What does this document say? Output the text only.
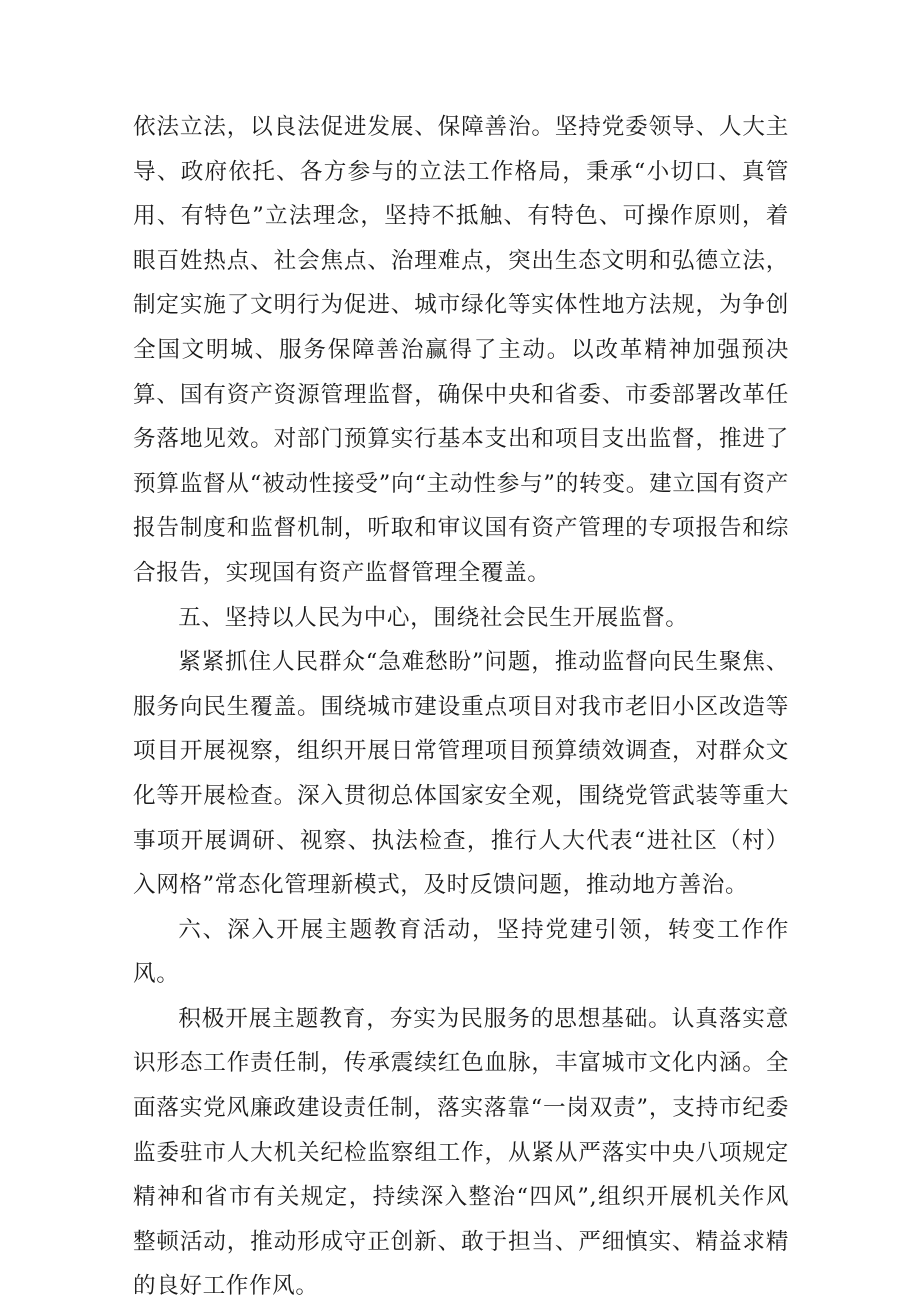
依法立法，以良法促进发展、保障善治。坚持党委领导、人大主导、政府依托、各方参与的立法工作格局，秉承“小切口、真管用、有特色”立法理念，坚持不抵触、有特色、可操作原则，着眼百姓热点、社会焦点、治理难点，突出生态文明和弘德立法，制定实施了文明行为促进、城市绿化等实体性地方法规，为争创全国文明城、服务保障善治赢得了主动。以改革精神加强预决算、国有资产资源管理监督，确保中央和省委、市委部署改革任务落地见效。对部门预算实行基本支出和项目支出监督，推进了预算监督从“被动性接受”向“主动性参与”的转变。建立国有资产报告制度和监督机制，听取和审议国有资产管理的专项报告和综合报告，实现国有资产监督管理全覆盖。

五、坚持以人民为中心，围绕社会民生开展监督。

紧紧抓住人民群众“急难愁盼”问题，推动监督向民生聚焦、服务向民生覆盖。围绕城市建设重点项目对我市老旧小区改造等项目开展视察，组织开展日常管理项目预算绩效调查，对群众文化等开展检查。深入贯彻总体国家安全观，围绕党管武装等重大事项开展调研、视察、执法检查，推行人大代表“进社区（村）入网格”常态化管理新模式，及时反馈问题，推动地方善治。

六、深入开展主题教育活动，坚持党建引领，转变工作作风。

积极开展主题教育，夯实为民服务的思想基础。认真落实意识形态工作责任制，传承震续红色血脉，丰富城市文化内涵。全面落实党风廉政建设责任制，落实落靠“一岗双责”，支持市纪委监委驻市人大机关纪检监察组工作，从紧从严落实中央八项规定精神和省市有关规定，持续深入整治“四风”,组织开展机关作风整顿活动，推动形成守正创新、敢于担当、严细慎实、精益求精的良好工作作风。
